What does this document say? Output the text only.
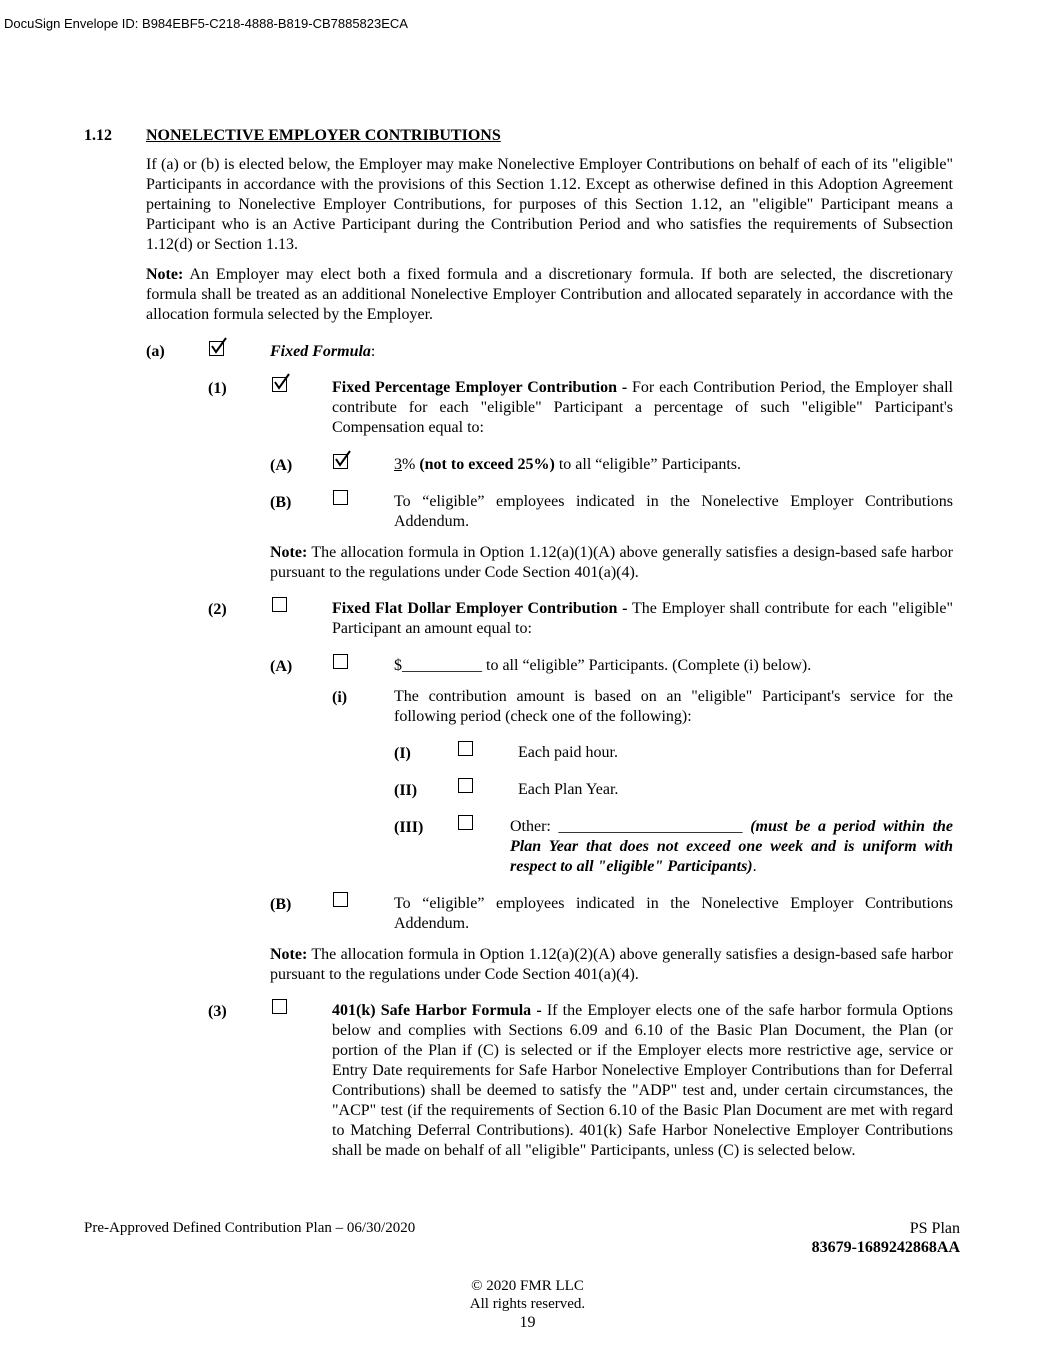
DocuSign Envelope ID: B984EBF5-C218-4888-B819-CB7885823ECA
1.12 NONELECTIVE EMPLOYER CONTRIBUTIONS
If (a) or (b) is elected below, the Employer may make Nonelective Employer Contributions on behalf of each of its "eligible" Participants in accordance with the provisions of this Section 1.12. Except as otherwise defined in this Adoption Agreement pertaining to Nonelective Employer Contributions, for purposes of this Section 1.12, an "eligible" Participant means a Participant who is an Active Participant during the Contribution Period and who satisfies the requirements of Subsection 1.12(d) or Section 1.13.
Note: An Employer may elect both a fixed formula and a discretionary formula. If both are selected, the discretionary formula shall be treated as an additional Nonelective Employer Contribution and allocated separately in accordance with the allocation formula selected by the Employer.
(a)	Fixed Formula:
(1)	Fixed Percentage Employer Contribution - For each Contribution Period, the Employer shall contribute for each "eligible" Participant a percentage of such "eligible" Participant's Compensation equal to:
(A)	3% (not to exceed 25%) to all “eligible” Participants.
(B)	To “eligible” employees indicated in the Nonelective Employer Contributions Addendum.
Note: The allocation formula in Option 1.12(a)(1)(A) above generally satisfies a design-based safe harbor pursuant to the regulations under Code Section 401(a)(4).
(2)	Fixed Flat Dollar Employer Contribution - The Employer shall contribute for each "eligible" Participant an amount equal to:
(A)	$__________ to all “eligible” Participants. (Complete (i) below).
(i)	The contribution amount is based on an "eligible" Participant's service for the following period (check one of the following):
(I)	Each paid hour.
(II)	Each Plan Year.
(III)	Other: _______________________ (must be a period within the Plan Year that does not exceed one week and is uniform with respect to all "eligible" Participants).
(B)	To “eligible” employees indicated in the Nonelective Employer Contributions Addendum.
Note: The allocation formula in Option 1.12(a)(2)(A) above generally satisfies a design-based safe harbor pursuant to the regulations under Code Section 401(a)(4).
(3)	401(k) Safe Harbor Formula - If the Employer elects one of the safe harbor formula Options below and complies with Sections 6.09 and 6.10 of the Basic Plan Document, the Plan (or portion of the Plan if (C) is selected or if the Employer elects more restrictive age, service or Entry Date requirements for Safe Harbor Nonelective Employer Contributions than for Deferral Contributions) shall be deemed to satisfy the "ADP" test and, under certain circumstances, the "ACP" test (if the requirements of Section 6.10 of the Basic Plan Document are met with regard to Matching Deferral Contributions). 401(k) Safe Harbor Nonelective Employer Contributions shall be made on behalf of all "eligible" Participants, unless (C) is selected below.
Pre-Approved Defined Contribution Plan – 06/30/2020	PS Plan
83679-1689242868AA
© 2020 FMR LLC
All rights reserved.
19
